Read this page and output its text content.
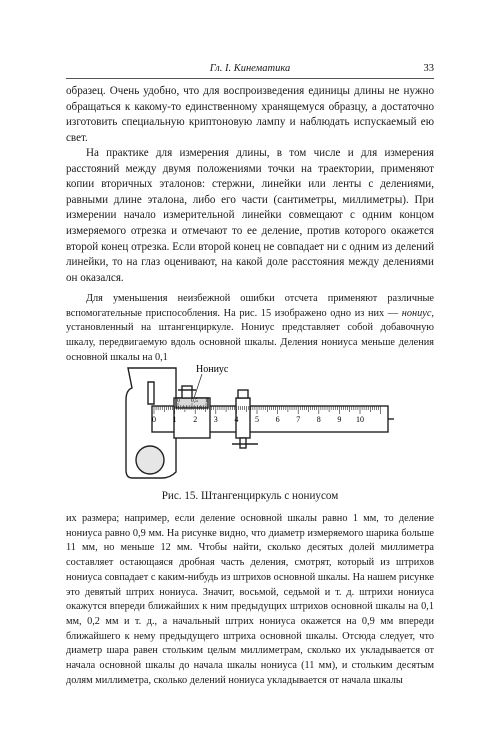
Гл. I. Кинематика	33

образец. Очень удобно, что для воспроизведения единицы длины не нужно обращаться к какому-то единственному хранящемуся образцу, а достаточно изготовить специальную криптоновую лампу и наблюдать испускаемый ею свет.

На практике для измерения длины, в том числе и для измерения расстояний между двумя положениями точки на траектории, применяют копии вторичных эталонов: стержни, линейки или ленты с делениями, равными длине эталона, либо его части (сантиметры, миллиметры). При измерении начало измерительной линейки совмещают с одним концом измеряемого отрезка и отмечают то ее деление, против которого окажется второй конец отрезка. Если второй конец не совпадает ни с одним из делений линейки, то на глаз оценивают, на какой доле расстояния между делениями он оказался.

Для уменьшения неизбежной ошибки отсчета применяют различные вспомогательные приспособления. На рис. 15 изображено одно из них — нониус, установленный на штангенциркуле. Нониус представляет собой добавочную шкалу, передвигаемую вдоль основной шкалы. Деления нониуса меньше деления основной шкалы на 0,1

Нониус
0 1 2 3 4 5 6 7 8 9 10
0 0,5 1
Рис. 15. Штангенциркуль с нониусом

их размера; например, если деление основной шкалы равно 1 мм, то деление нониуса равно 0,9 мм. На рисунке видно, что диаметр измеряемого шарика больше 11 мм, но меньше 12 мм. Чтобы найти, сколько десятых долей миллиметра составляет остающаяся дробная часть деления, смотрят, который из штрихов нониуса совпадает с каким-нибудь из штрихов основной шкалы. На нашем рисунке это девятый штрих нониуса. Значит, восьмой, седьмой и т. д. штрихи нониуса окажутся впереди ближайших к ним предыдущих штрихов основной шкалы на 0,1 мм, 0,2 мм и т. д., а начальный штрих нониуса окажется на 0,9 мм впереди ближайшего к нему предыдущего штриха основной шкалы. Отсюда следует, что диаметр шара равен стольким целым миллиметрам, сколько их укладывается от начала основной шкалы до начала шкалы нониуса (11 мм), и стольким десятым долям миллиметра, сколько делений нониуса укладывается от начала шкалы
